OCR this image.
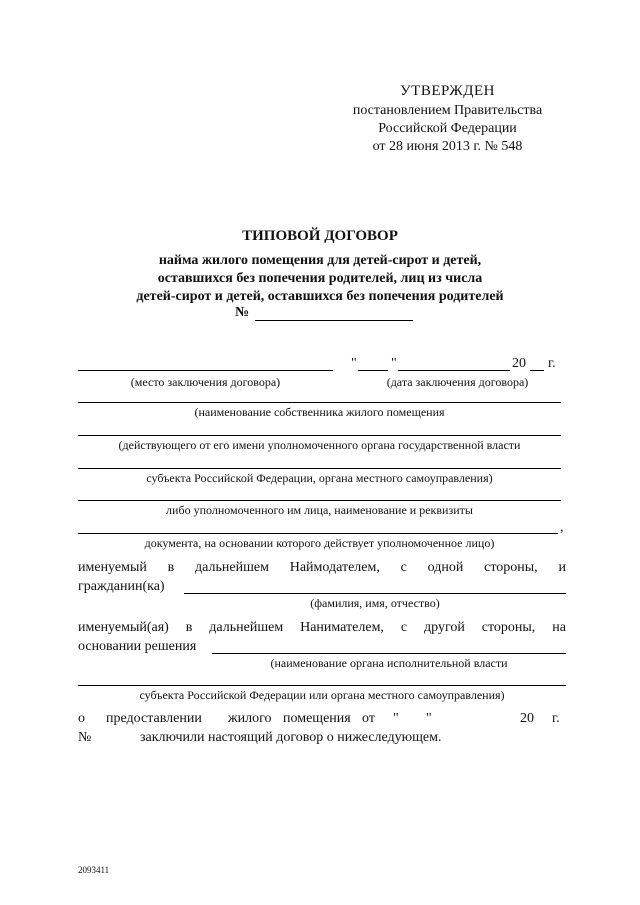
УТВЕРЖДЕН
постановлением Правительства
Российской Федерации
от 28 июня 2013 г. № 548
ТИПОВОЙ ДОГОВОР
найма жилого помещения для детей-сирот и детей,
оставшихся без попечения родителей, лиц из числа
детей-сирот и детей, оставшихся без попечения родителей
№
" "	20 г.
(место заключения договора)	(дата заключения договора)
(наименование собственника жилого помещения
(действующего от его имени уполномоченного органа государственной власти
субъекта Российской Федерации, органа местного самоуправления)
либо уполномоченного им лица, наименование и реквизиты
,
документа, на основании которого действует уполномоченное лицо)
именуемый в дальнейшем Наймодателем, с одной стороны, и
гражданин(ка)
(фамилия, имя, отчество)
именуемый(ая) в дальнейшем Нанимателем, с другой стороны, на
основании решения
(наименование органа исполнительной власти
субъекта Российской Федерации или органа местного самоуправления)
о предоставлении жилого помещения от " "	20 г.
№	заключили настоящий договор о нижеследующем.
2093411
